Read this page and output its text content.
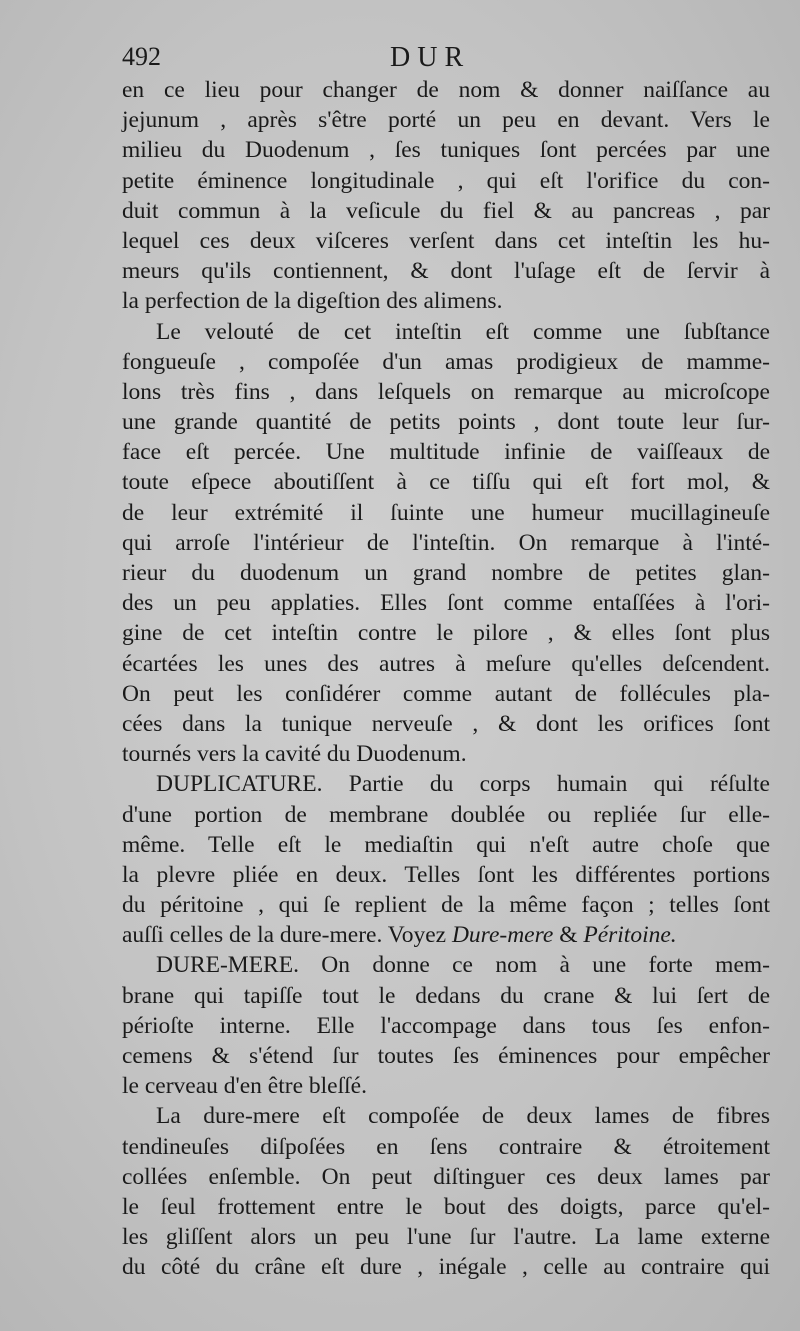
492	DUR
en ce lieu pour changer de nom & donner naiſſance au
jejunum , après s'être porté un peu en devant. Vers le
milieu du Duodenum , ſes tuniques ſont percées par une
petite éminence longitudinale , qui eſt l'orifice du con-
duit commun à la veſicule du fiel & au pancreas , par
lequel ces deux viſceres verſent dans cet inteſtin les hu-
meurs qu'ils contiennent, & dont l'uſage eſt de ſervir à
la perfection de la digeſtion des alimens.
Le velouté de cet inteſtin eſt comme une ſubſtance
fongueuſe , compoſée d'un amas prodigieux de mamme-
lons très fins , dans leſquels on remarque au microſcope
une grande quantité de petits points , dont toute leur ſur-
face eſt percée. Une multitude infinie de vaiſſeaux de
toute eſpece aboutiſſent à ce tiſſu qui eſt fort mol, &
de leur extrémité il ſuinte une humeur mucillagineuſe
qui arroſe l'intérieur de l'inteſtin. On remarque à l'inté-
rieur du duodenum un grand nombre de petites glan-
des un peu applaties. Elles ſont comme entaſſées à l'ori-
gine de cet inteſtin contre le pilore , & elles ſont plus
écartées les unes des autres à meſure qu'elles deſcendent.
On peut les conſidérer comme autant de follécules pla-
cées dans la tunique nerveuſe , & dont les orifices ſont
tournés vers la cavité du Duodenum.
DUPLICATURE. Partie du corps humain qui réſulte
d'une portion de membrane doublée ou repliée ſur elle-
même. Telle eſt le mediaſtin qui n'eſt autre choſe que
la plevre pliée en deux. Telles ſont les différentes portions
du péritoine , qui ſe replient de la même façon ; telles ſont
auſſi celles de la dure-mere. Voyez Dure-mere & Péritoine.
DURE-MERE. On donne ce nom à une forte mem-
brane qui tapiſſe tout le dedans du crane & lui ſert de
périoſte interne. Elle l'accompage dans tous ſes enfon-
cemens & s'étend ſur toutes ſes éminences pour empêcher
le cerveau d'en être bleſſé.
La dure-mere eſt compoſée de deux lames de fibres
tendineuſes diſpoſées en ſens contraire & étroitement
collées enſemble. On peut diſtinguer ces deux lames par
le ſeul frottement entre le bout des doigts, parce qu'el-
les gliſſent alors un peu l'une ſur l'autre. La lame externe
du côté du crâne eſt dure , inégale , celle au contraire qui
